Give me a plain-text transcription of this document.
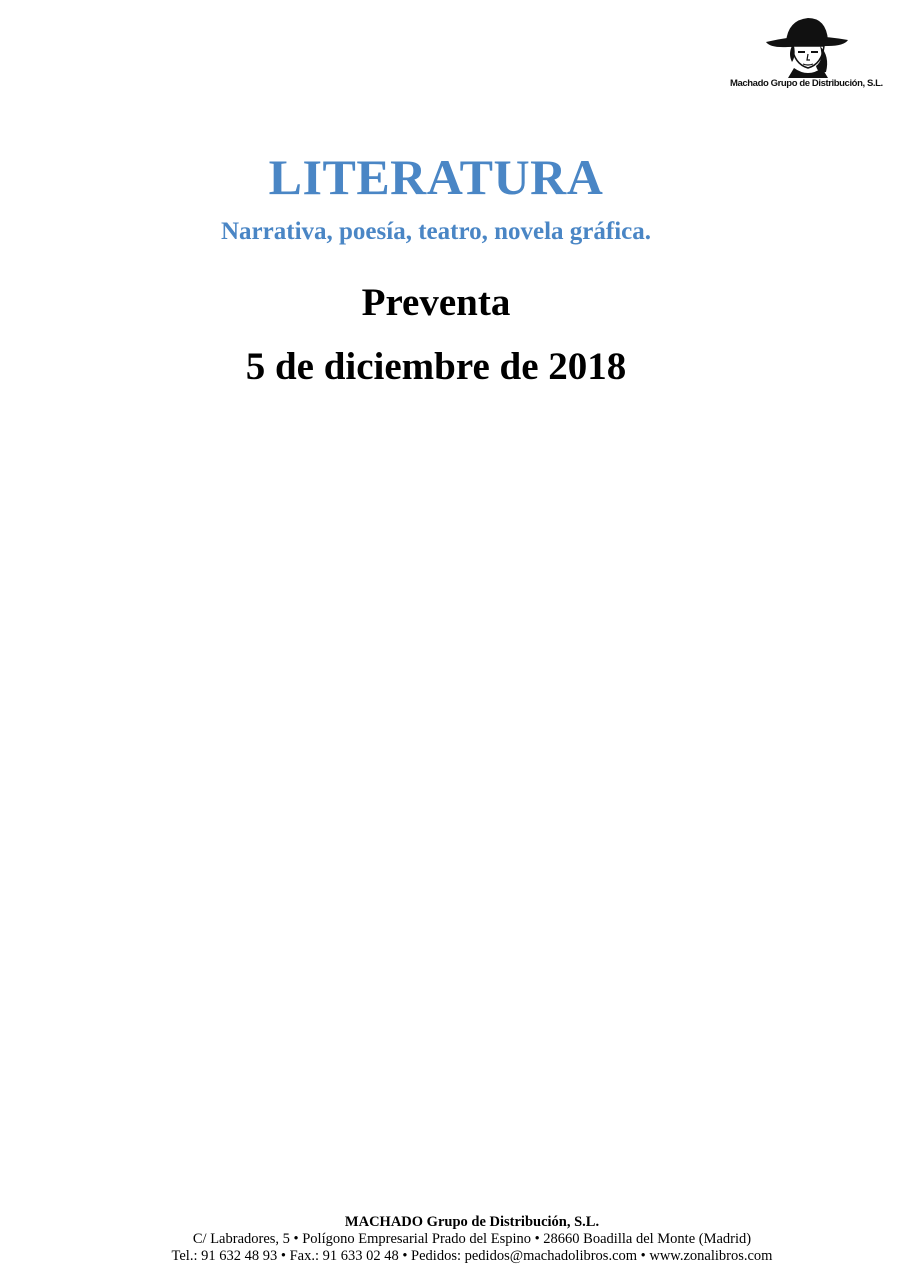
Machado Grupo de Distribución, S.L.
LITERATURA
Narrativa, poesía, teatro, novela gráfica.
Preventa
5 de diciembre de 2018
MACHADO Grupo de Distribución, S.L.
C/ Labradores, 5 • Polígono Empresarial Prado del Espino • 28660 Boadilla del Monte (Madrid)
Tel.: 91 632 48 93 • Fax.: 91 633 02 48 • Pedidos: pedidos@machadolibros.com • www.zonalibros.com
